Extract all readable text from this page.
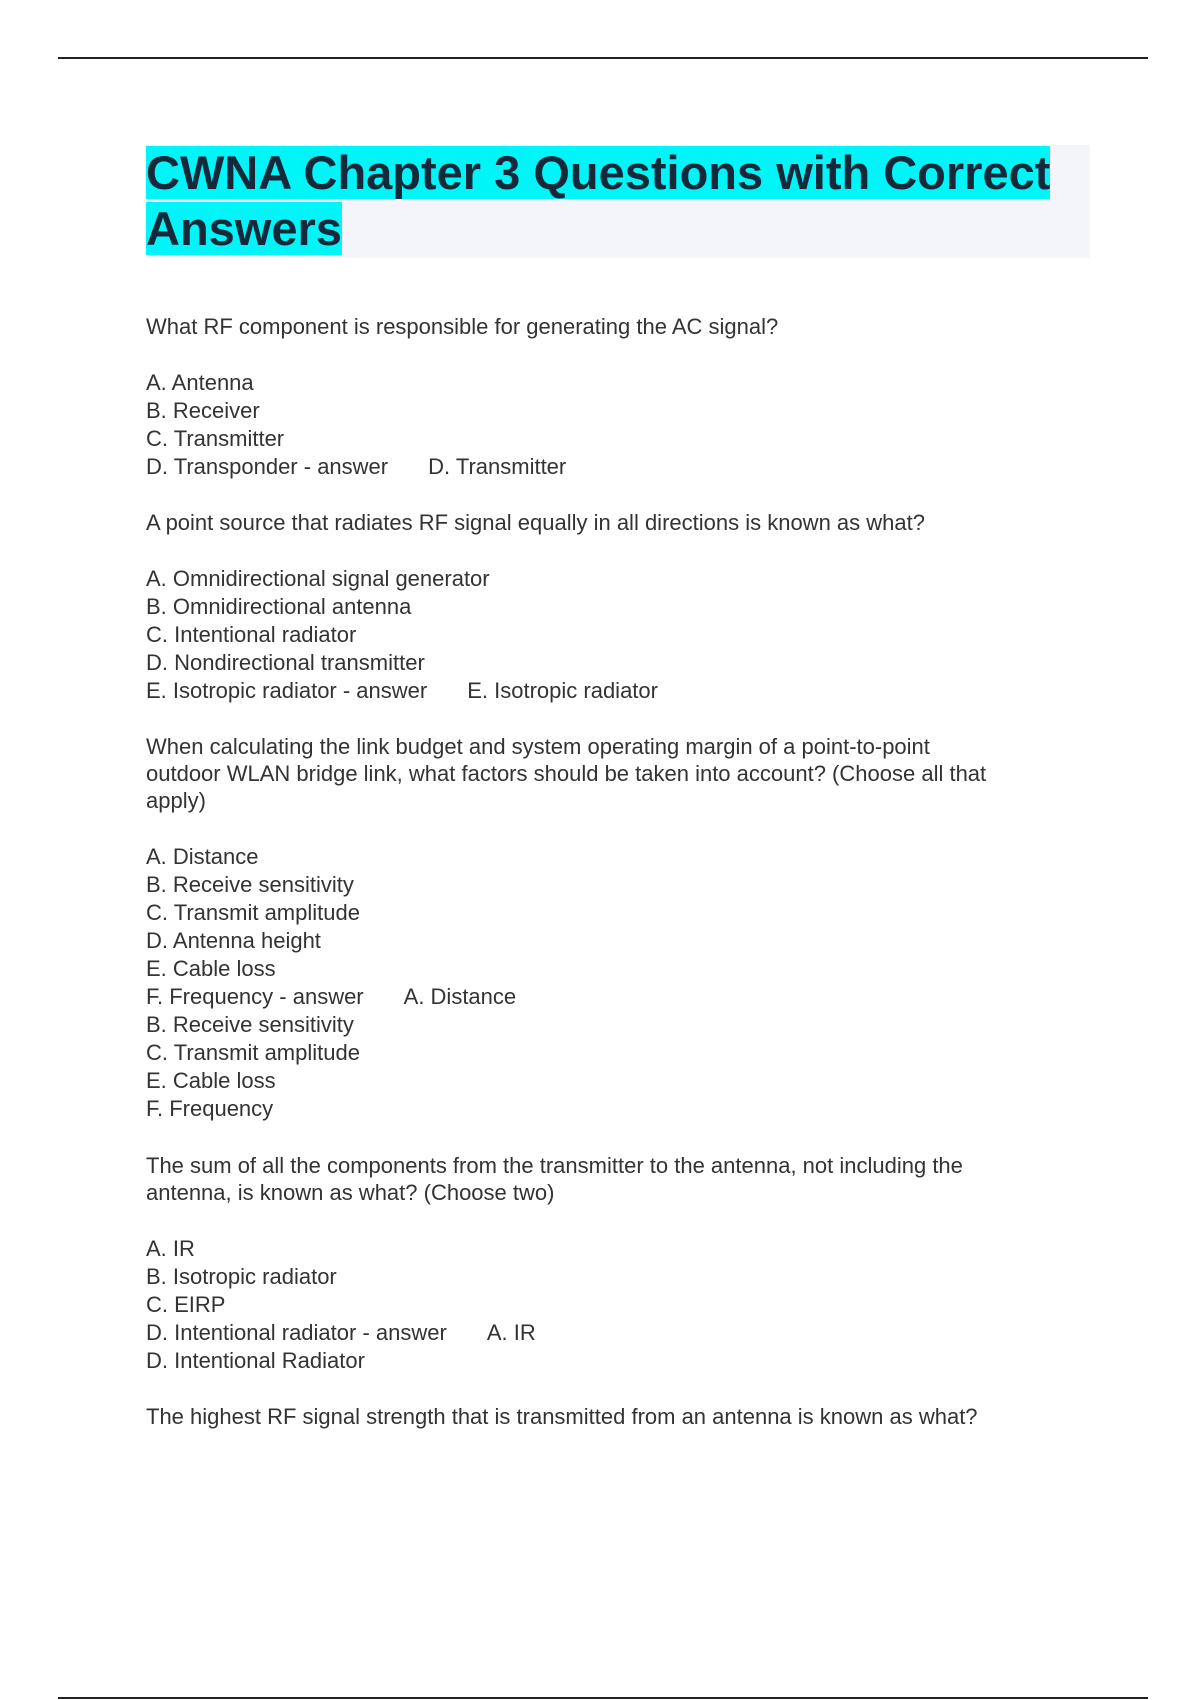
CWNA Chapter 3 Questions with Correct Answers
What RF component is responsible for generating the AC signal?
A. Antenna
B. Receiver
C. Transmitter
D. Transponder - answer D. Transmitter
A point source that radiates RF signal equally in all directions is known as what?
A. Omnidirectional signal generator
B. Omnidirectional antenna
C. Intentional radiator
D. Nondirectional transmitter
E. Isotropic radiator - answer E. Isotropic radiator
When calculating the link budget and system operating margin of a point-to-point
outdoor WLAN bridge link, what factors should be taken into account? (Choose all that
apply)
A. Distance
B. Receive sensitivity
C. Transmit amplitude
D. Antenna height
E. Cable loss
F. Frequency - answer A. Distance
B. Receive sensitivity
C. Transmit amplitude
E. Cable loss
F. Frequency
The sum of all the components from the transmitter to the antenna, not including the
antenna, is known as what? (Choose two)
A. IR
B. Isotropic radiator
C. EIRP
D. Intentional radiator - answer A. IR
D. Intentional Radiator
The highest RF signal strength that is transmitted from an antenna is known as what?
